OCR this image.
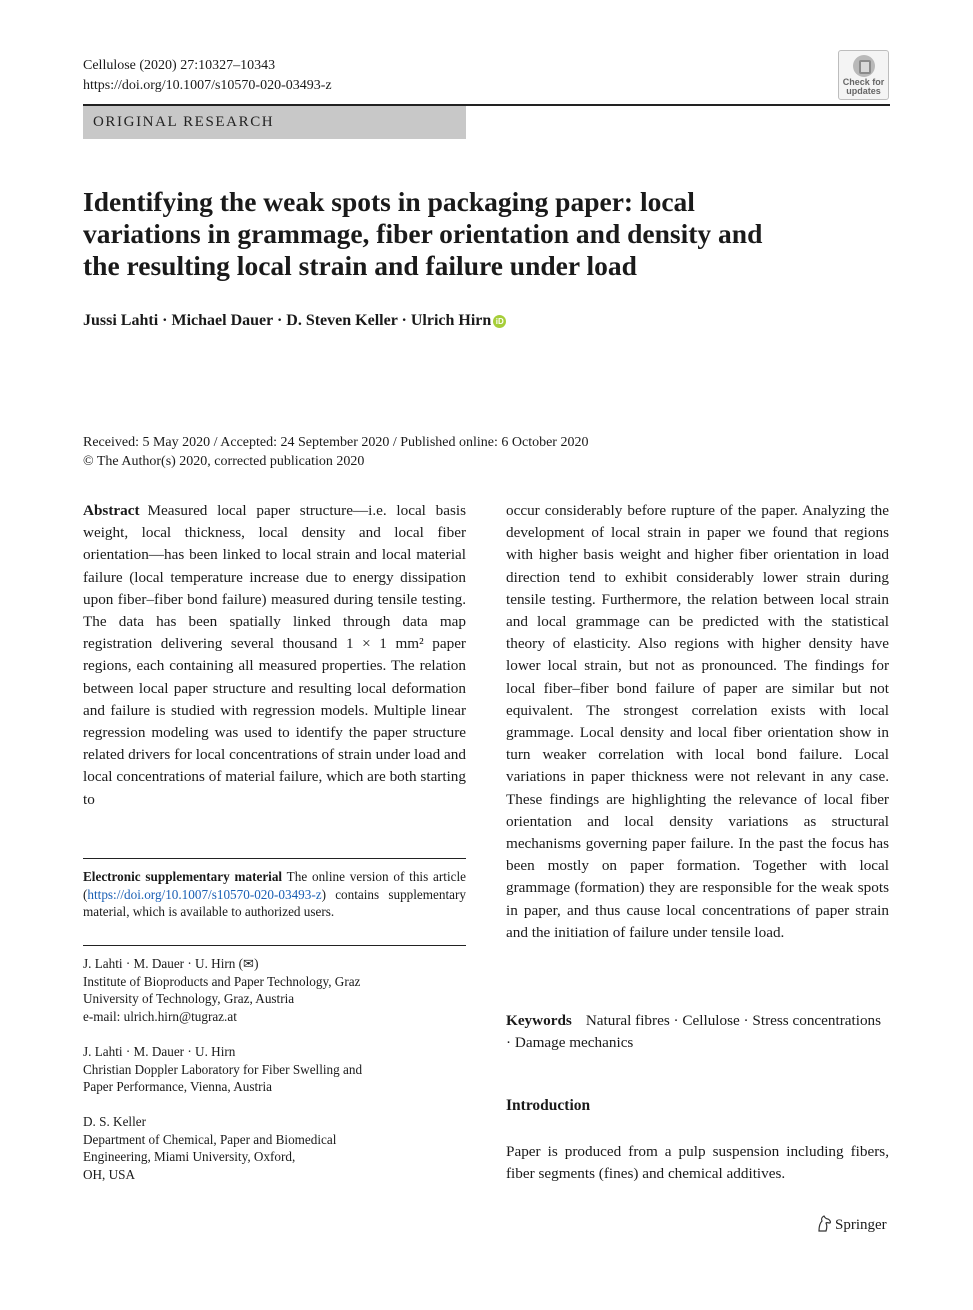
Cellulose (2020) 27:10327–10343
https://doi.org/10.1007/s10570-020-03493-z	Check for
updates
ORIGINAL RESEARCH
Identifying the weak spots in packaging paper: local variations in grammage, fiber orientation and density and the resulting local strain and failure under load
Jussi Lahti · Michael Dauer · D. Steven Keller · Ulrich Hirn iD
Received: 5 May 2020 / Accepted: 24 September 2020 / Published online: 6 October 2020
© The Author(s) 2020, corrected publication 2020

Abstract Measured local paper structure—i.e. local basis weight, local thickness, local density and local fiber orientation—has been linked to local strain and local material failure (local temperature increase due to energy dissipation upon fiber–fiber bond failure) measured during tensile testing. The data has been spatially linked through data map registration delivering several thousand 1 × 1 mm² paper regions, each containing all measured properties. The relation between local paper structure and resulting local deformation and failure is studied with regression models. Multiple linear regression modeling was used to identify the paper structure related drivers for local concentrations of strain under load and local concentrations of material failure, which are both starting to

occur considerably before rupture of the paper. Analyzing the development of local strain in paper we found that regions with higher basis weight and higher fiber orientation in load direction tend to exhibit considerably lower strain during tensile testing. Furthermore, the relation between local strain and local grammage can be predicted with the statistical theory of elasticity. Also regions with higher density have lower local strain, but not as pronounced. The findings for local fiber–fiber bond failure of paper are similar but not equivalent. The strongest correlation exists with local grammage. Local density and local fiber orientation show in turn weaker correlation with local bond failure. Local variations in paper thickness were not relevant in any case. These findings are highlighting the relevance of local fiber orientation and local density variations as structural mechanisms governing paper failure. In the past the focus has been mostly on paper formation. Together with local grammage (formation) they are responsible for the weak spots in paper, and thus cause local concentrations of paper strain and the initiation of failure under tensile load.

Electronic supplementary material The online version of this article (https://doi.org/10.1007/s10570-020-03493-z) contains supplementary material, which is available to authorized users.

J. Lahti · M. Dauer · U. Hirn (✉)

Institute of Bioproducts and Paper Technology, Graz

University of Technology, Graz, Austria

e-mail: ulrich.hirn@tugraz.at

J. Lahti · M. Dauer · U. Hirn

Christian Doppler Laboratory for Fiber Swelling and

Paper Performance, Vienna, Austria

D. S. Keller

Department of Chemical, Paper and Biomedical

Engineering, Miami University, Oxford,

OH, USA

Keywords Natural fibres · Cellulose · Stress concentrations · Damage mechanics

Introduction

Paper is produced from a pulp suspension including fibers, fiber segments (fines) and chemical additives.

Springer
